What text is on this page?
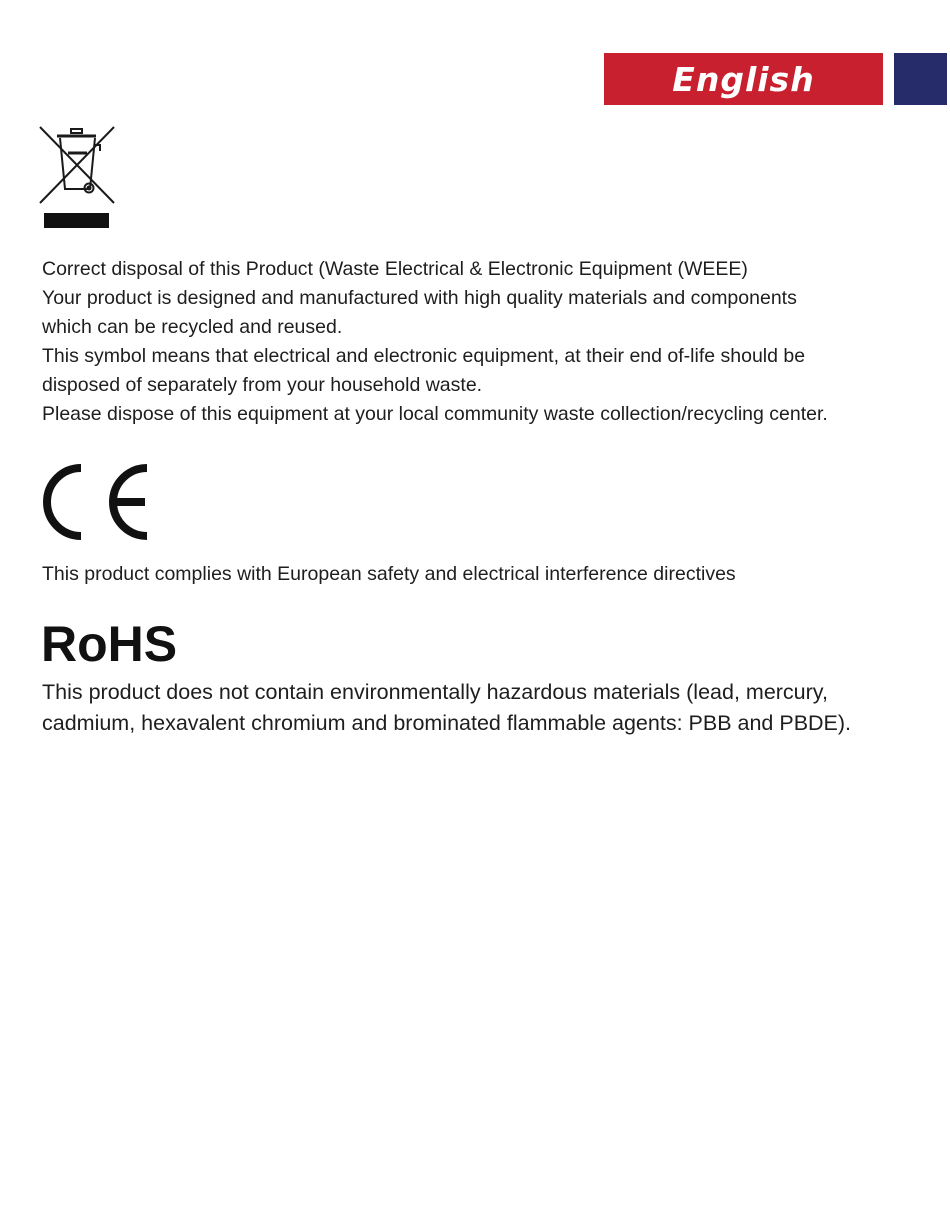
English

Correct disposal of this Product (Waste Electrical & Electronic Equipment (WEEE)

Your product is designed and manufactured with high quality materials and components

which can be recycled and reused.

This symbol means that electrical and electronic equipment, at their end of-life should be

disposed of separately from your household waste.

Please dispose of this equipment at your local community waste collection/recycling center.

This product complies with European safety and electrical interference directives
RoHS

This product does not contain environmentally hazardous materials (lead, mercury,

cadmium, hexavalent chromium and brominated flammable agents: PBB and PBDE).
